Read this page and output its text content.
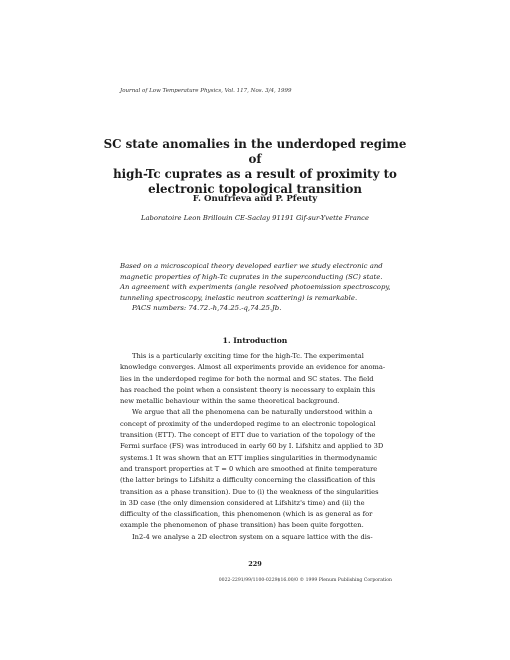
Journal of Low Temperature Physics, Vol. 117, Nos. 3/4, 1999
SC state anomalies in the underdoped regime of
high-Tc cuprates as a result of proximity to
electronic topological transition
F. Onufrieva and P. Pfeuty
Laboratoire Leon Brillouin CE-Saclay 91191 Gif-sur-Yvette France
Based on a microscopical theory developed earlier we study electronic and
magnetic properties of high-Tc cuprates in the superconducting (SC) state.
An agreement with experiments (angle resolved photoemission spectroscopy,
tunneling spectroscopy, inelastic neutron scattering) is remarkable.
PACS numbers: 74.72.-h,74.25.-q,74.25.Jb.
1. Introduction
This is a particularly exciting time for the high-Tc. The experimental
knowledge converges. Almost all experiments provide an evidence for anoma-
lies in the underdoped regime for both the normal and SC states. The field
has reached the point when a consistent theory is necessary to explain this
new metallic behaviour within the same theoretical background.
We argue that all the phenomena can be naturally understood within a
concept of proximity of the underdoped regime to an electronic topological
transition (ETT). The concept of ETT due to variation of the topology of the
Fermi surface (FS) was introduced in early 60 by I. Lifshitz and applied to 3D
systems.1 It was shown that an ETT implies singularities in thermodynamic
and transport properties at T = 0 which are smoothed at finite temperature
(the latter brings to Lifshitz a difficulty concerning the classification of this
transition as a phase transition). Due to (i) the weakness of the singularities
in 3D case (the only dimension considered at Lifshitz's time) and (ii) the
difficulty of the classification, this phenomenon (which is as general as for
example the phenomenon of phase transition) has been quite forgotten.
In2-4 we analyse a 2D electron system on a square lattice with the dis-
229
0022-2291/99/1100-0229$16.00/0 © 1999 Plenum Publishing Corporation
